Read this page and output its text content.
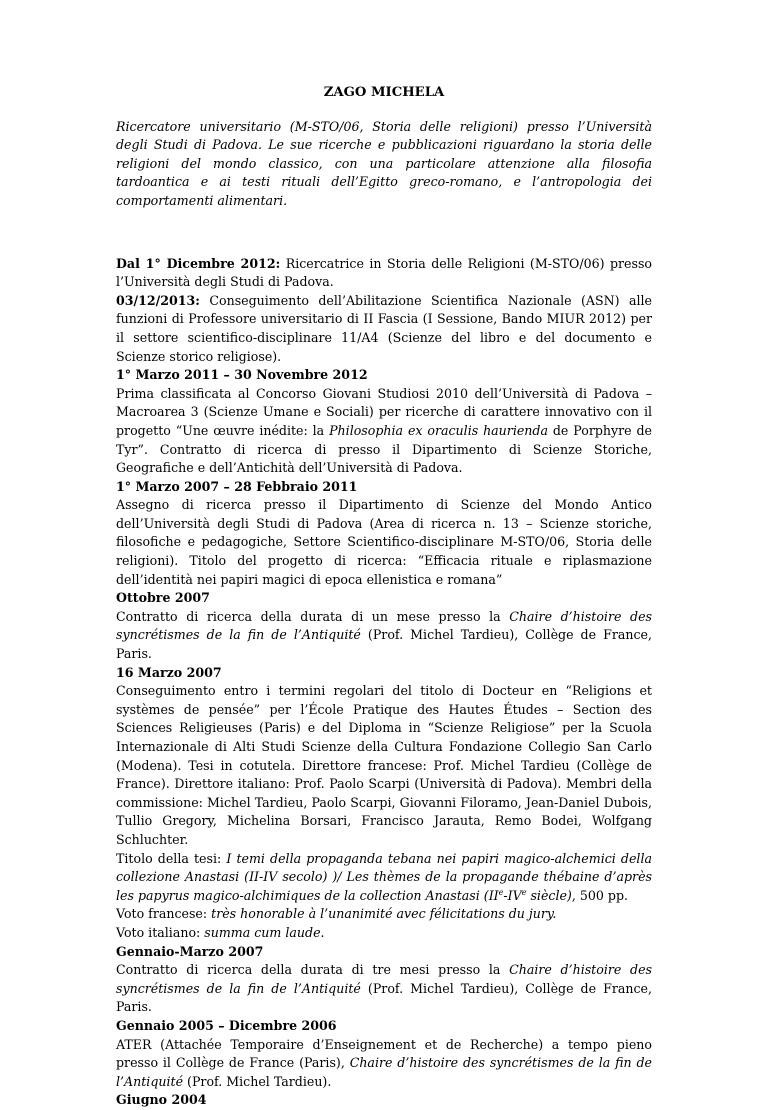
ZAGO MICHELA

Ricercatore universitario (M-STO/06, Storia delle religioni) presso l’Università degli Studi di Padova. Le sue ricerche e pubblicazioni riguardano la storia delle religioni del mondo classico, con una particolare attenzione alla filosofia tardoantica e ai testi rituali dell’Egitto greco-romano, e l’antropologia dei comportamenti alimentari.

Dal 1° Dicembre 2012: Ricercatrice in Storia delle Religioni (M-STO/06) presso l’Università degli Studi di Padova.

03/12/2013: Conseguimento dell’Abilitazione Scientifica Nazionale (ASN) alle funzioni di Professore universitario di II Fascia (I Sessione, Bando MIUR 2012) per il settore scientifico-disciplinare 11/A4 (Scienze del libro e del documento e Scienze storico religiose).

1° Marzo 2011 – 30 Novembre 2012

Prima classificata al Concorso Giovani Studiosi 2010 dell’Università di Padova – Macroarea 3 (Scienze Umane e Sociali) per ricerche di carattere innovativo con il progetto “Une œuvre inédite: la Philosophia ex oraculis haurienda de Porphyre de Tyr”. Contratto di ricerca di presso il Dipartimento di Scienze Storiche, Geografiche e dell’Antichità dell’Università di Padova.

1° Marzo 2007 – 28 Febbraio 2011

Assegno di ricerca presso il Dipartimento di Scienze del Mondo Antico dell’Università degli Studi di Padova (Area di ricerca n. 13 – Scienze storiche, filosofiche e pedagogiche, Settore Scientifico-disciplinare M-STO/06, Storia delle religioni). Titolo del progetto di ricerca: “Efficacia rituale e riplasmazione dell’identità nei papiri magici di epoca ellenistica e romana”

Ottobre 2007

Contratto di ricerca della durata di un mese presso la Chaire d’histoire des syncrétismes de la fin de l’Antiquité (Prof. Michel Tardieu), Collège de France, Paris.

16 Marzo 2007

Conseguimento entro i termini regolari del titolo di Docteur en “Religions et systèmes de pensée” per l’École Pratique des Hautes Études – Section des Sciences Religieuses (Paris) e del Diploma in “Scienze Religiose” per la Scuola Internazionale di Alti Studi Scienze della Cultura Fondazione Collegio San Carlo (Modena). Tesi in cotutela. Direttore francese: Prof. Michel Tardieu (Collège de France). Direttore italiano: Prof. Paolo Scarpi (Università di Padova). Membri della commissione: Michel Tardieu, Paolo Scarpi, Giovanni Filoramo, Jean-Daniel Dubois, Tullio Gregory, Michelina Borsari, Francisco Jarauta, Remo Bodei, Wolfgang Schluchter.

Titolo della tesi: I temi della propaganda tebana nei papiri magico-alchemici della collezione Anastasi (II-IV secolo) )/ Les thèmes de la propagande thébaine d’après les papyrus magico-alchimiques de la collection Anastasi (IIe-IVe siècle), 500 pp.

Voto francese: très honorable à l’unanimité avec félicitations du jury.

Voto italiano: summa cum laude.

Gennaio-Marzo 2007

Contratto di ricerca della durata di tre mesi presso la Chaire d’histoire des syncrétismes de la fin de l’Antiquité (Prof. Michel Tardieu), Collège de France, Paris.

Gennaio 2005 – Dicembre 2006

ATER (Attachée Temporaire d’Enseignement et de Recherche) a tempo pieno presso il Collège de France (Paris), Chaire d’histoire des syncrétismes de la fin de l’Antiquité (Prof. Michel Tardieu).

Giugno 2004
